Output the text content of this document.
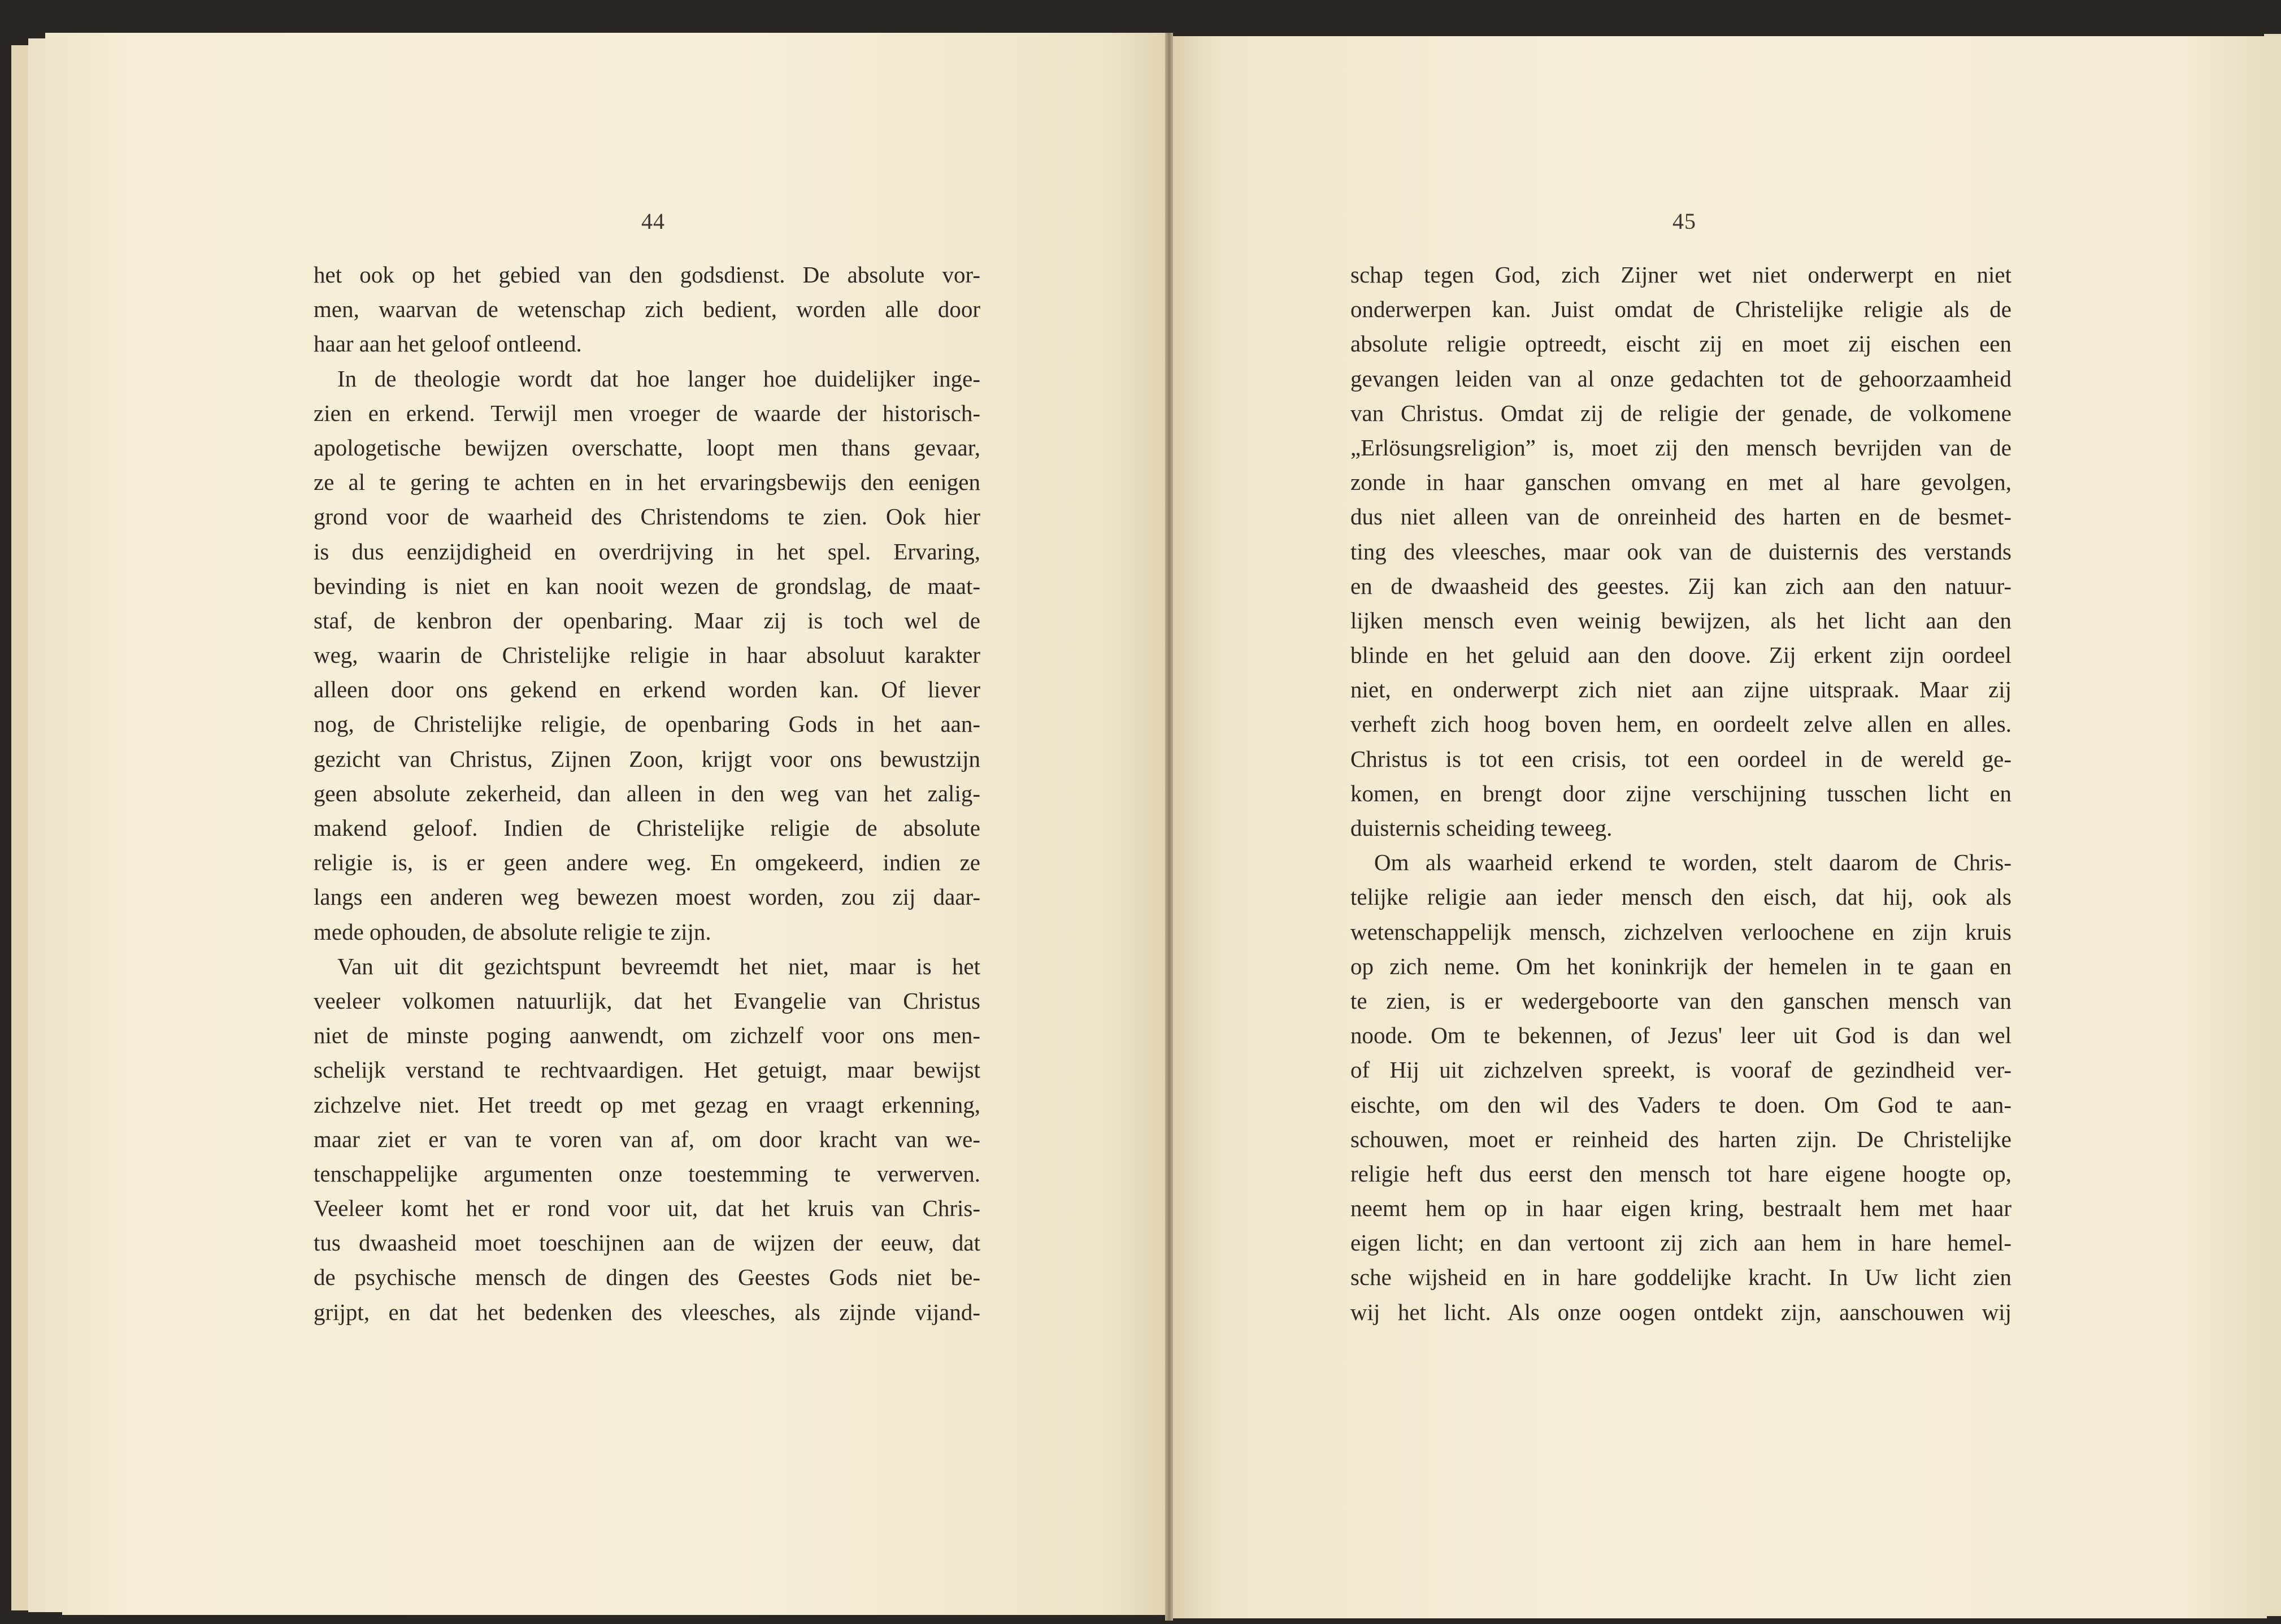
44	45
het ook op het gebied van den godsdienst. De absolute vor-
men, waarvan de wetenschap zich bedient, worden alle door
haar aan het geloof ontleend.
In de theologie wordt dat hoe langer hoe duidelijker inge-
zien en erkend. Terwijl men vroeger de waarde der historisch-
apologetische bewijzen overschatte, loopt men thans gevaar,
ze al te gering te achten en in het ervaringsbewijs den eenigen
grond voor de waarheid des Christendoms te zien. Ook hier
is dus eenzijdigheid en overdrijving in het spel. Ervaring,
bevinding is niet en kan nooit wezen de grondslag, de maat-
staf, de kenbron der openbaring. Maar zij is toch wel de
weg, waarin de Christelijke religie in haar absoluut karakter
alleen door ons gekend en erkend worden kan. Of liever
nog, de Christelijke religie, de openbaring Gods in het aan-
gezicht van Christus, Zijnen Zoon, krijgt voor ons bewustzijn
geen absolute zekerheid, dan alleen in den weg van het zalig-
makend geloof. Indien de Christelijke religie de absolute
religie is, is er geen andere weg. En omgekeerd, indien ze
langs een anderen weg bewezen moest worden, zou zij daar-
mede ophouden, de absolute religie te zijn.
Van uit dit gezichtspunt bevreemdt het niet, maar is het
veeleer volkomen natuurlijk, dat het Evangelie van Christus
niet de minste poging aanwendt, om zichzelf voor ons men-
schelijk verstand te rechtvaardigen. Het getuigt, maar bewijst
zichzelve niet. Het treedt op met gezag en vraagt erkenning,
maar ziet er van te voren van af, om door kracht van we-
tenschappelijke argumenten onze toestemming te verwerven.
Veeleer komt het er rond voor uit, dat het kruis van Chris-
tus dwaasheid moet toeschijnen aan de wijzen der eeuw, dat
de psychische mensch de dingen des Geestes Gods niet be-
grijpt, en dat het bedenken des vleesches, als zijnde vijand-
schap tegen God, zich Zijner wet niet onderwerpt en niet
onderwerpen kan. Juist omdat de Christelijke religie als de
absolute religie optreedt, eischt zij en moet zij eischen een
gevangen leiden van al onze gedachten tot de gehoorzaamheid
van Christus. Omdat zij de religie der genade, de volkomene
„Erlösungsreligion” is, moet zij den mensch bevrijden van de
zonde in haar ganschen omvang en met al hare gevolgen,
dus niet alleen van de onreinheid des harten en de besmet-
ting des vleesches, maar ook van de duisternis des verstands
en de dwaasheid des geestes. Zij kan zich aan den natuur-
lijken mensch even weinig bewijzen, als het licht aan den
blinde en het geluid aan den doove. Zij erkent zijn oordeel
niet, en onderwerpt zich niet aan zijne uitspraak. Maar zij
verheft zich hoog boven hem, en oordeelt zelve allen en alles.
Christus is tot een crisis, tot een oordeel in de wereld ge-
komen, en brengt door zijne verschijning tusschen licht en
duisternis scheiding teweeg.
Om als waarheid erkend te worden, stelt daarom de Chris-
telijke religie aan ieder mensch den eisch, dat hij, ook als
wetenschappelijk mensch, zichzelven verloochene en zijn kruis
op zich neme. Om het koninkrijk der hemelen in te gaan en
te zien, is er wedergeboorte van den ganschen mensch van
noode. Om te bekennen, of Jezus' leer uit God is dan wel
of Hij uit zichzelven spreekt, is vooraf de gezindheid ver-
eischte, om den wil des Vaders te doen. Om God te aan-
schouwen, moet er reinheid des harten zijn. De Christelijke
religie heft dus eerst den mensch tot hare eigene hoogte op,
neemt hem op in haar eigen kring, bestraalt hem met haar
eigen licht; en dan vertoont zij zich aan hem in hare hemel-
sche wijsheid en in hare goddelijke kracht. In Uw licht zien
wij het licht. Als onze oogen ontdekt zijn, aanschouwen wij
